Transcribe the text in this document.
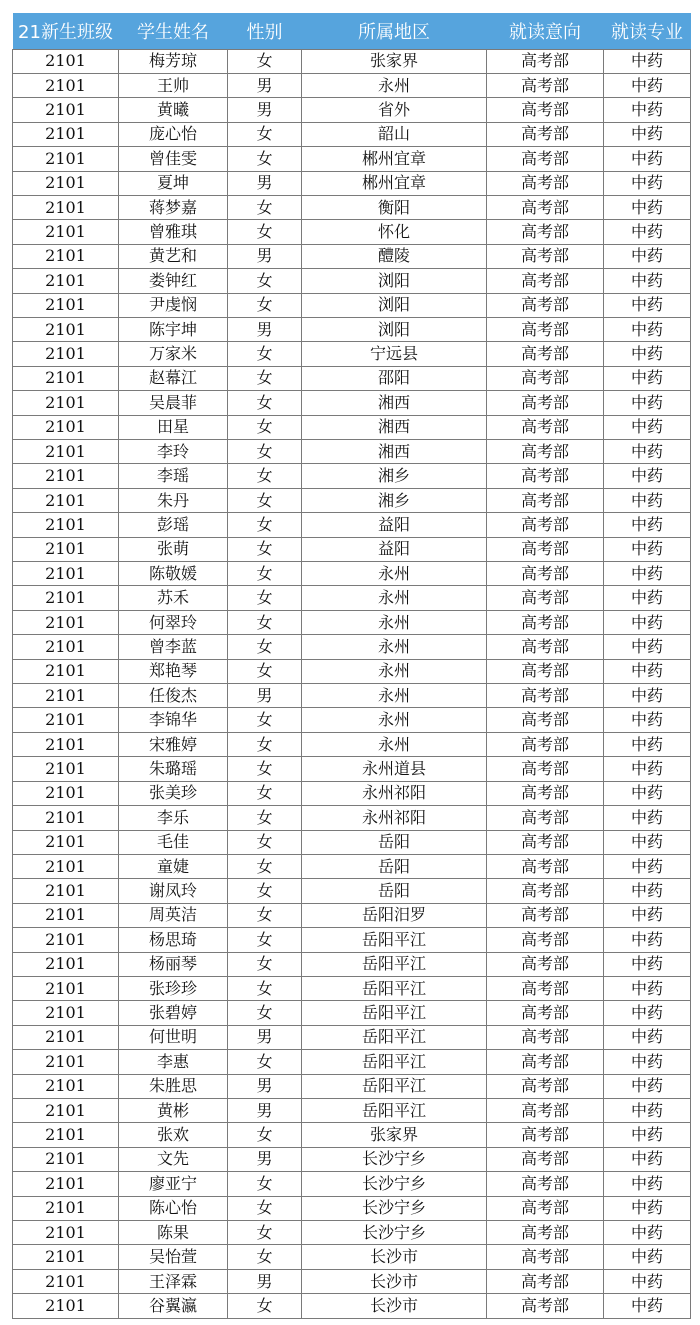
21新生班级	学生姓名	性别	所属地区	就读意向	就读专业
2101	梅芳琼	女	张家界	高考部	中药
2101	王帅	男	永州	高考部	中药
2101	黄曦	男	省外	高考部	中药
2101	庞心怡	女	韶山	高考部	中药
2101	曾佳雯	女	郴州宜章	高考部	中药
2101	夏坤	男	郴州宜章	高考部	中药
2101	蒋梦嘉	女	衡阳	高考部	中药
2101	曾雅琪	女	怀化	高考部	中药
2101	黄艺和	男	醴陵	高考部	中药
2101	娄钟红	女	浏阳	高考部	中药
2101	尹虔悯	女	浏阳	高考部	中药
2101	陈宇坤	男	浏阳	高考部	中药
2101	万家米	女	宁远县	高考部	中药
2101	赵幕江	女	邵阳	高考部	中药
2101	吴晨菲	女	湘西	高考部	中药
2101	田星	女	湘西	高考部	中药
2101	李玲	女	湘西	高考部	中药
2101	李瑶	女	湘乡	高考部	中药
2101	朱丹	女	湘乡	高考部	中药
2101	彭瑶	女	益阳	高考部	中药
2101	张萌	女	益阳	高考部	中药
2101	陈敬媛	女	永州	高考部	中药
2101	苏禾	女	永州	高考部	中药
2101	何翠玲	女	永州	高考部	中药
2101	曾李蓝	女	永州	高考部	中药
2101	郑艳琴	女	永州	高考部	中药
2101	任俊杰	男	永州	高考部	中药
2101	李锦华	女	永州	高考部	中药
2101	宋雅婷	女	永州	高考部	中药
2101	朱璐瑶	女	永州道县	高考部	中药
2101	张美珍	女	永州祁阳	高考部	中药
2101	李乐	女	永州祁阳	高考部	中药
2101	毛佳	女	岳阳	高考部	中药
2101	童婕	女	岳阳	高考部	中药
2101	谢凤玲	女	岳阳	高考部	中药
2101	周英洁	女	岳阳汨罗	高考部	中药
2101	杨思琦	女	岳阳平江	高考部	中药
2101	杨丽琴	女	岳阳平江	高考部	中药
2101	张珍珍	女	岳阳平江	高考部	中药
2101	张碧婷	女	岳阳平江	高考部	中药
2101	何世明	男	岳阳平江	高考部	中药
2101	李惠	女	岳阳平江	高考部	中药
2101	朱胜思	男	岳阳平江	高考部	中药
2101	黄彬	男	岳阳平江	高考部	中药
2101	张欢	女	张家界	高考部	中药
2101	文先	男	长沙宁乡	高考部	中药
2101	廖亚宁	女	长沙宁乡	高考部	中药
2101	陈心怡	女	长沙宁乡	高考部	中药
2101	陈果	女	长沙宁乡	高考部	中药
2101	吴怡萱	女	长沙市	高考部	中药
2101	王泽霖	男	长沙市	高考部	中药
2101	谷翼瀛	女	长沙市	高考部	中药
